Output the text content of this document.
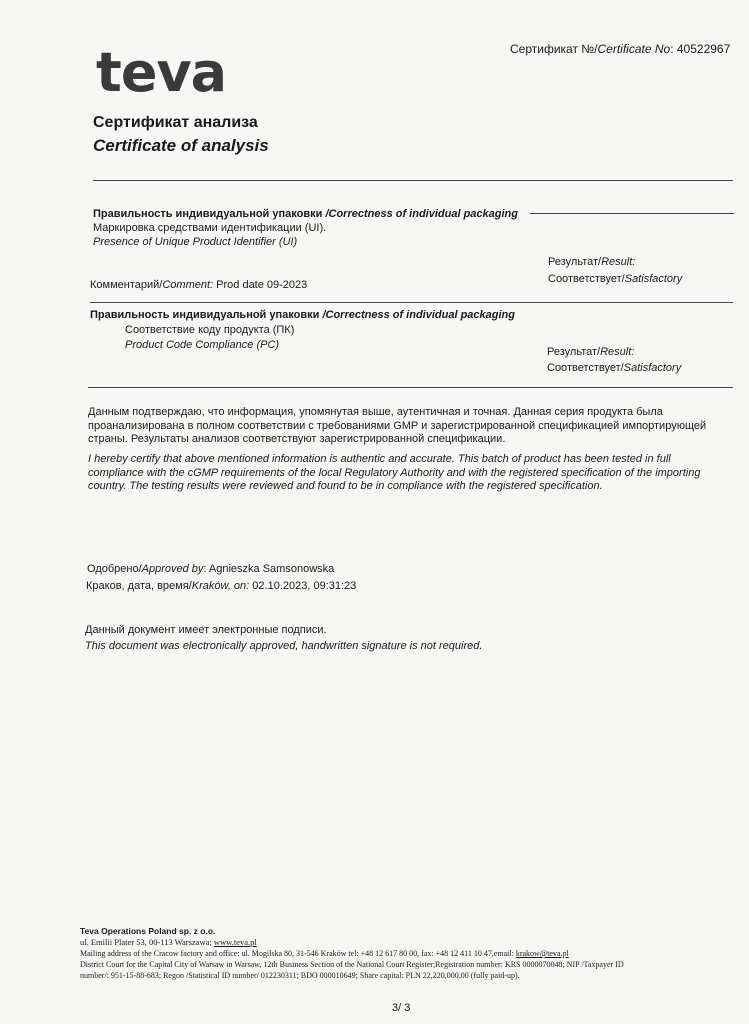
teva	Сертификат №/Certificate No: 40522967
Сертификат анализа
Certificate of analysis
Правильность индивидуальной упаковки /Correctness of individual packaging
Маркировка средствами идентификации (UI).
Presence of Unique Product Identifier (UI)
Результат/Result:
Соответствует/Satisfactory
Комментарий/Comment: Prod date 09-2023
Правильность индивидуальной упаковки /Correctness of individual packaging
Соответствие коду продукта (ПК)
Product Code Compliance (PC)
Результат/Result:
Соответствует/Satisfactory
Данным подтверждаю, что информация, упомянутая выше, аутентичная и точная. Данная серия продукта была проанализирована в полном соответствии с требованиями GMP и зарегистрированной спецификацией импортирующей страны. Результаты анализов соответствуют зарегистрированной спецификации.
I hereby certify that above mentioned information is authentic and accurate. This batch of product has been tested in full compliance with the cGMP requirements of the local Regulatory Authority and with the registered specification of the importing country. The testing results were reviewed and found to be in compliance with the registered specification.
Одобрено/Approved by: Agnieszka Samsonowska
Краков, дата, время/Kraków, on: 02.10.2023, 09:31:23
Данный документ имеет электронные подписи.
This document was electronically approved, handwritten signature is not required.
Teva Operations Poland sp. z o.o.
ul. Emilii Plater 53, 00-113 Warszawa; www.teva.pl
Mailing address of the Cracow factory and office: ul. Mogilska 80, 31-546 Kraków tel: +48 12 617 80 00, fax: +48 12 411 10 47,email: krakow@teva.pl
District Court for the Capital City of Warsaw in Warsaw, 12th Business Section of the National Court Register;Registration number: KRS 0000070048; NIP /Taxpayer ID
number/: 951-15-88-683; Regon /Statistical ID number/ 012230311; BDO 000010649; Share capital: PLN 22,220,000.00 (fully paid-up).
3/ 3
